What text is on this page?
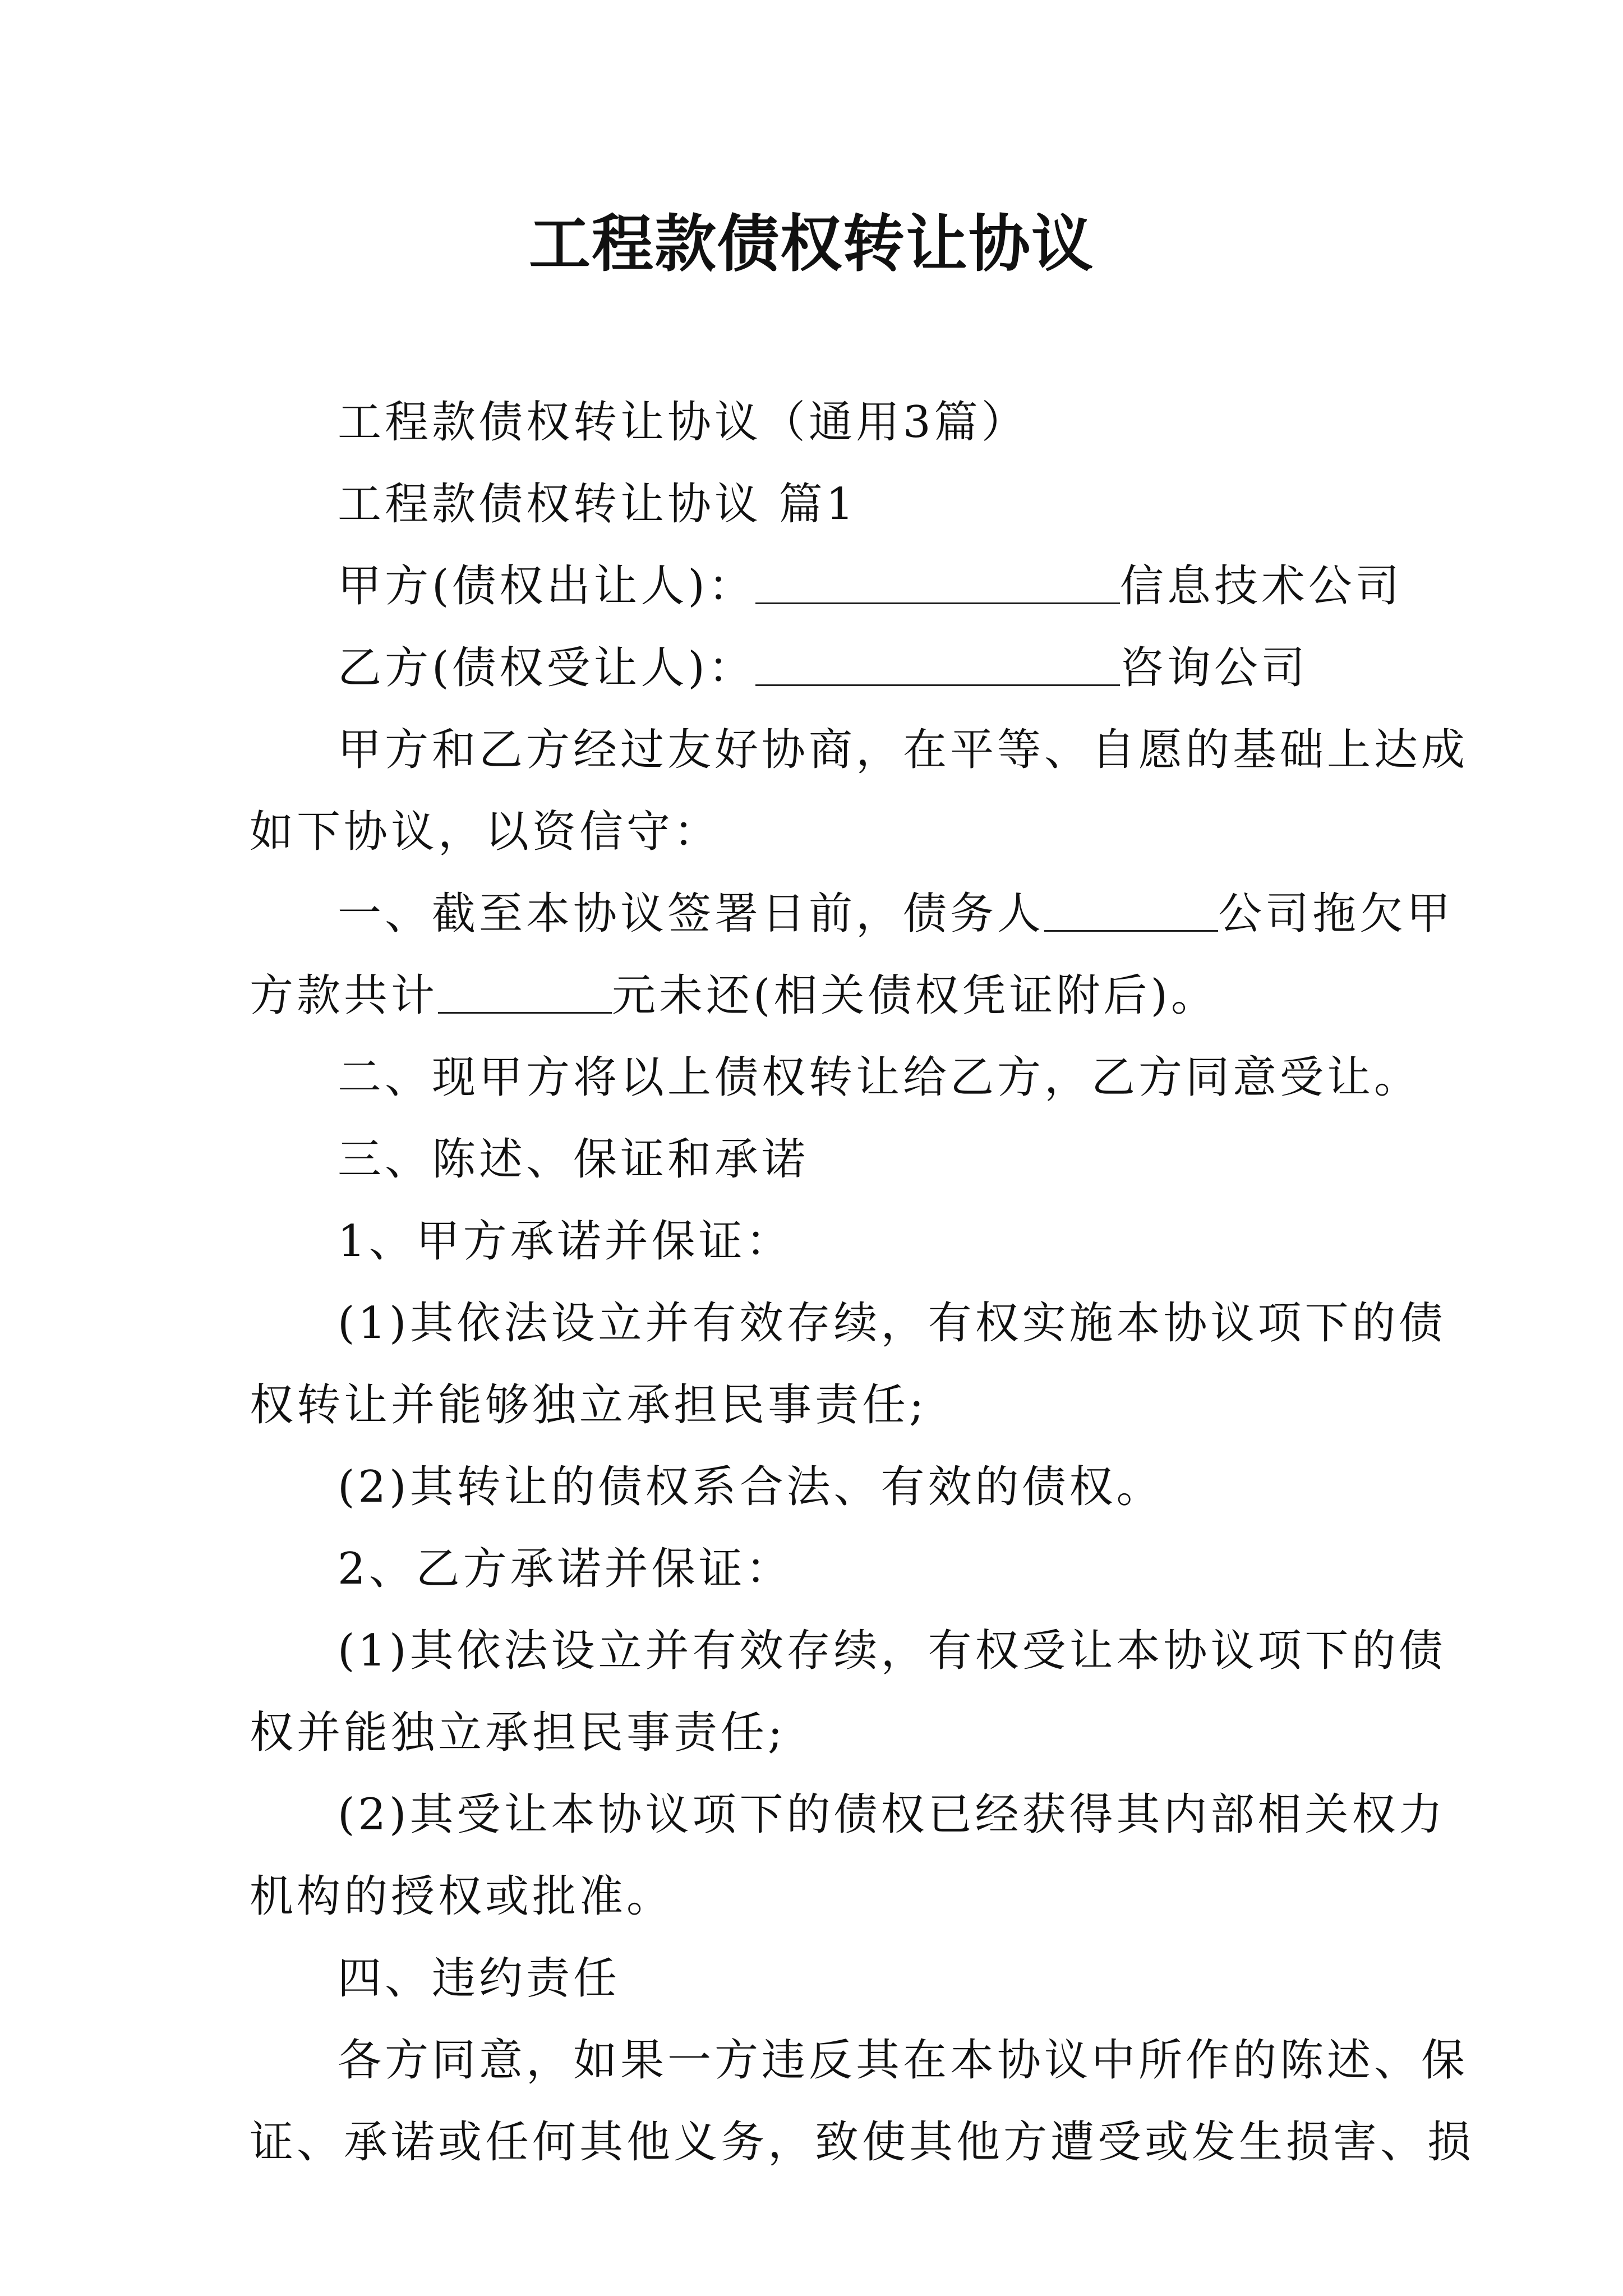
工程款债权转让协议
工程款债权转让协议（通用3篇）
工程款债权转让协议 篇1
甲方(债权出让人)：	信息技术公司
乙方(债权受让人)：	咨询公司
甲方和乙方经过友好协商，在平等、自愿的基础上达成
如下协议，以资信守：
一、截至本协议签署日前，债务人	公司拖欠甲
方款共计	元未还(相关债权凭证附后)。
二、现甲方将以上债权转让给乙方，乙方同意受让。
三、陈述、保证和承诺
1、甲方承诺并保证：
(1)其依法设立并有效存续，有权实施本协议项下的债
权转让并能够独立承担民事责任;
(2)其转让的债权系合法、有效的债权。
2、乙方承诺并保证：
(1)其依法设立并有效存续，有权受让本协议项下的债
权并能独立承担民事责任;
(2)其受让本协议项下的债权已经获得其内部相关权力
机构的授权或批准。
四、违约责任
各方同意，如果一方违反其在本协议中所作的陈述、保
证、承诺或任何其他义务，致使其他方遭受或发生损害、损
